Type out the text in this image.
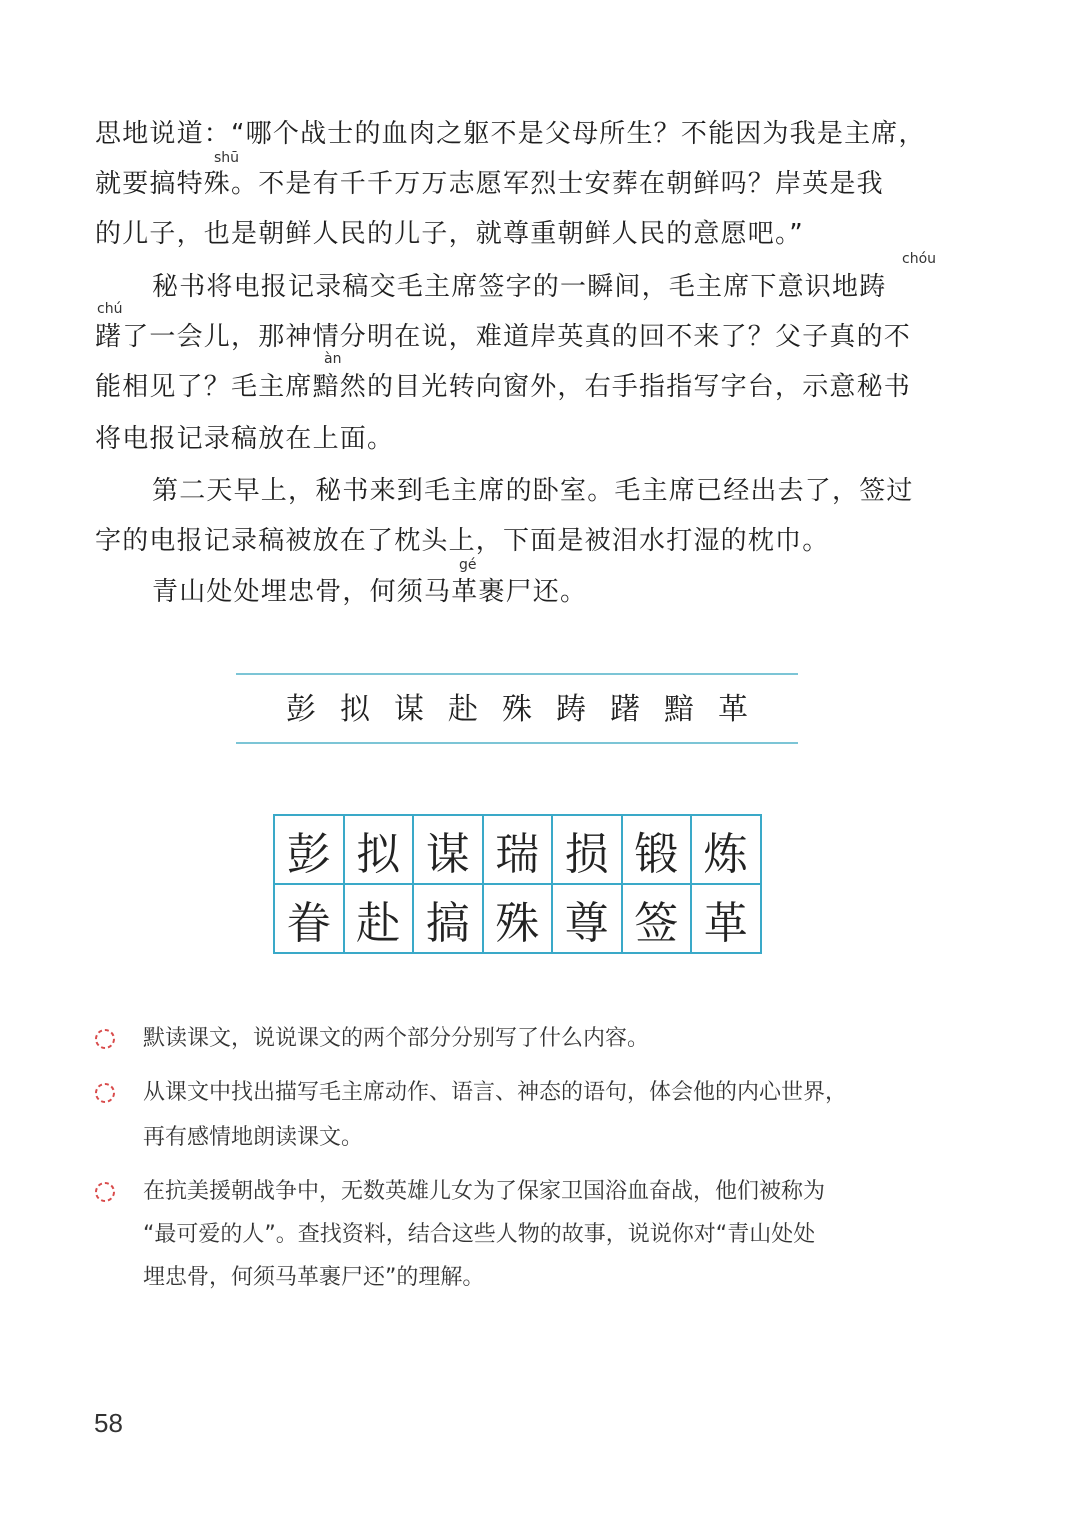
思地说道：“哪个战士的血肉之躯不是父母所生？不能因为我是主席，

shū

就要搞特殊。不是有千千万万志愿军烈士安葬在朝鲜吗？岸英是我

的儿子，也是朝鲜人民的儿子，就尊重朝鲜人民的意愿吧。”

chóu

秘书将电报记录稿交毛主席签字的一瞬间，毛主席下意识地踌

chú

躇了一会儿，那神情分明在说，难道岸英真的回不来了？父子真的不

àn

能相见了？毛主席黯然的目光转向窗外，右手指指写字台，示意秘书

将电报记录稿放在上面。

第二天早上，秘书来到毛主席的卧室。毛主席已经出去了，签过

字的电报记录稿被放在了枕头上，下面是被泪水打湿的枕巾。

gé

青山处处埋忠骨，何须马革裹尸还。

彭 拟 谋 赴 殊 踌 躇 黯 革
彭 拟 谋 瑞 损 锻 炼
眷 赴 搞 殊 尊 签 革

默读课文，说说课文的两个部分分别写了什么内容。

从课文中找出描写毛主席动作、语言、神态的语句，体会他的内心世界，

再有感情地朗读课文。

在抗美援朝战争中，无数英雄儿女为了保家卫国浴血奋战，他们被称为

“最可爱的人”。查找资料，结合这些人物的故事，说说你对“青山处处

埋忠骨，何须马革裹尸还”的理解。

58
